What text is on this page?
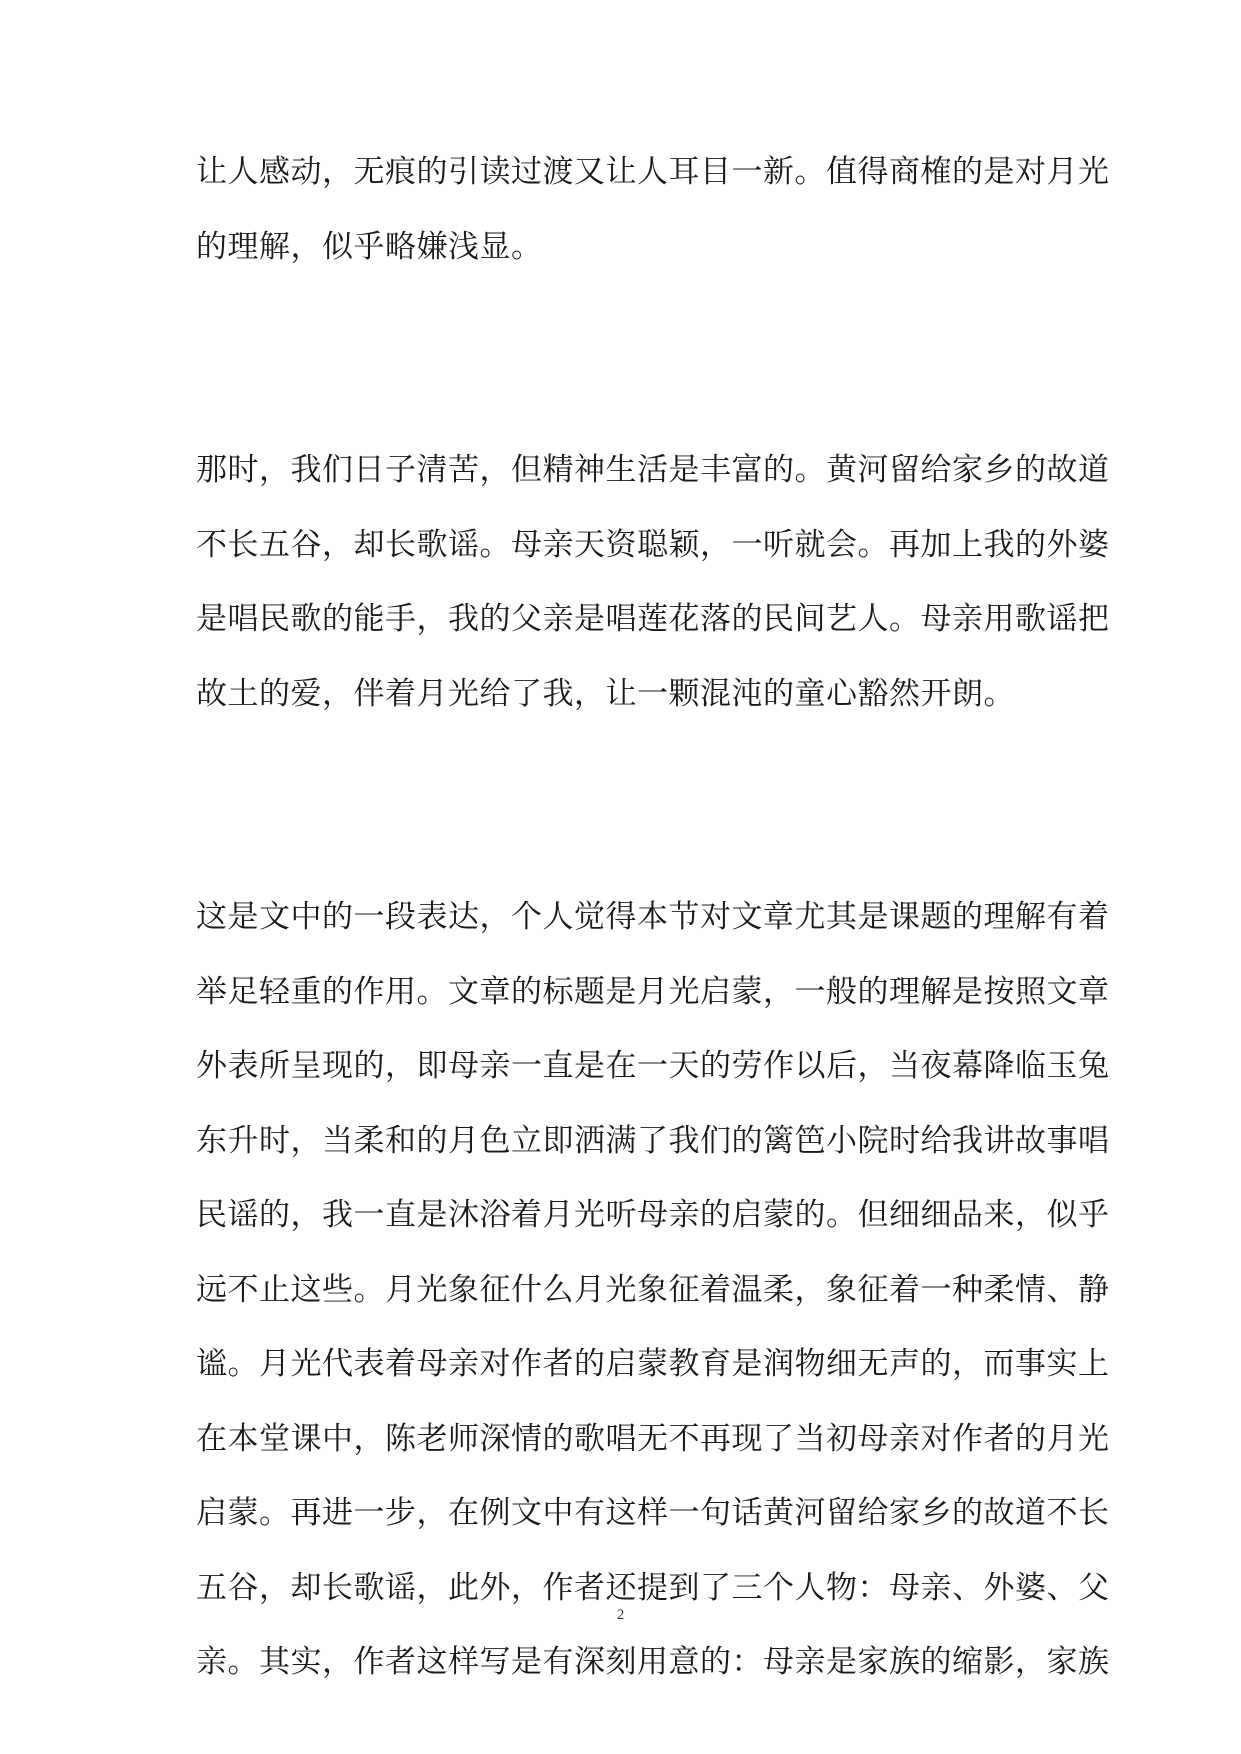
让人感动，无痕的引读过渡又让人耳目一新。值得商榷的是对月光
的理解，似乎略嫌浅显。
那时，我们日子清苦，但精神生活是丰富的。黄河留给家乡的故道
不长五谷，却长歌谣。母亲天资聪颖，一听就会。再加上我的外婆
是唱民歌的能手，我的父亲是唱莲花落的民间艺人。母亲用歌谣把
故土的爱，伴着月光给了我，让一颗混沌的童心豁然开朗。
这是文中的一段表达，个人觉得本节对文章尤其是课题的理解有着
举足轻重的作用。文章的标题是月光启蒙，一般的理解是按照文章
外表所呈现的，即母亲一直是在一天的劳作以后，当夜幕降临玉兔
东升时，当柔和的月色立即洒满了我们的篱笆小院时给我讲故事唱
民谣的，我一直是沐浴着月光听母亲的启蒙的。但细细品来，似乎
远不止这些。月光象征什么月光象征着温柔，象征着一种柔情、静
谧。月光代表着母亲对作者的启蒙教育是润物细无声的，而事实上
在本堂课中，陈老师深情的歌唱无不再现了当初母亲对作者的月光
启蒙。再进一步，在例文中有这样一句话黄河留给家乡的故道不长
五谷，却长歌谣，此外，作者还提到了三个人物：母亲、外婆、父
亲。其实，作者这样写是有深刻用意的：母亲是家族的缩影，家族
2
